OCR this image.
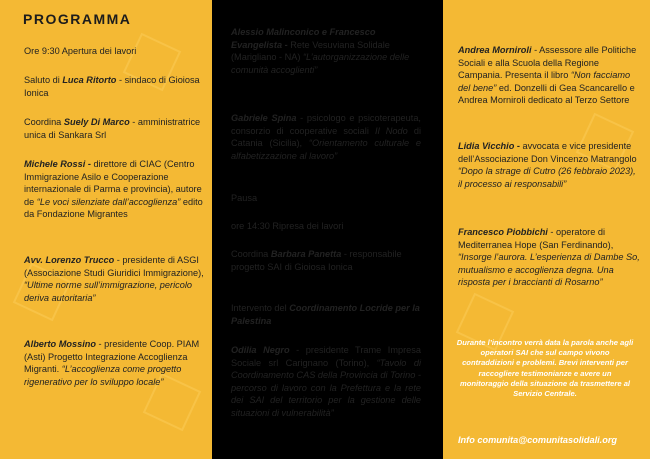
PROGRAMMA

Ore 9:30 Apertura dei lavori

Saluto di Luca Ritorto - sindaco di Gioiosa Ionica

Coordina Suely Di Marco - amministratrice unica di Sankara Srl

Michele Rossi - direttore di CIAC (Centro Immigrazione Asilo e Cooperazione internazionale di Parma e provincia), autore de “Le voci silenziate dall’accoglienza” edito da Fondazione Migrantes

Avv. Lorenzo Trucco - presidente di ASGI (Associazione Studi Giuridici Immigrazione), “Ultime norme sull’immigrazione, pericolo deriva autoritaria”

Alberto Mossino - presidente Coop. PIAM (Asti) Progetto Integrazione Accoglienza Migranti. “L’accoglienza come progetto rigenerativo per lo sviluppo locale”

Alessio Malinconico e Francesco Evangelista - Rete Vesuviana Solidale (Marigliano - NA) “L’autorganizzazione delle comunità accoglienti”

Gabriele Spina - psicologo e psicoterapeuta, consorzio di cooperative sociali Il Nodo di Catania (Sicilia), “Orientamento culturale e alfabetizzazione al lavoro”

Pausa

ore 14:30 Ripresa dei lavori

Coordina Barbara Panetta - responsabile progetto SAI di Gioiosa Ionica

Intervento del Coordinamento Locride per la Palestina

Odilia Negro - presidente Trame Impresa Sociale srl Carignano (Torino), “Tavolo di Coordinamento CAS della Provincia di Torino - percorso di lavoro con la Prefettura e la rete dei SAI del territorio per la gestione delle situazioni di vulnerabilità”

Andrea Morniroli - Assessore alle Politiche Sociali e alla Scuola della Regione Campania. Presenta il libro “Non facciamo del bene” ed. Donzelli di Gea Scancarello e Andrea Morniroli dedicato al Terzo Settore

Lidia Vicchio - avvocata e vice presidente dell’Associazione Don Vincenzo Matrangolo “Dopo la strage di Cutro (26 febbraio 2023), il processo ai responsabili”

Francesco Piobbichi - operatore di Mediterranea Hope (San Ferdinando), “Insorge l’aurora. L’esperienza di Dambe So, mutualismo e accoglienza degna. Una risposta per i braccianti di Rosarno”

Durante l’incontro verrà data la parola anche agli operatori SAI che sul campo vivono contraddizioni e problemi. Brevi interventi per raccogliere testimonianze e avere un monitoraggio della situazione da trasmettere al Servizio Centrale.
Info comunita@comunitasolidali.org
